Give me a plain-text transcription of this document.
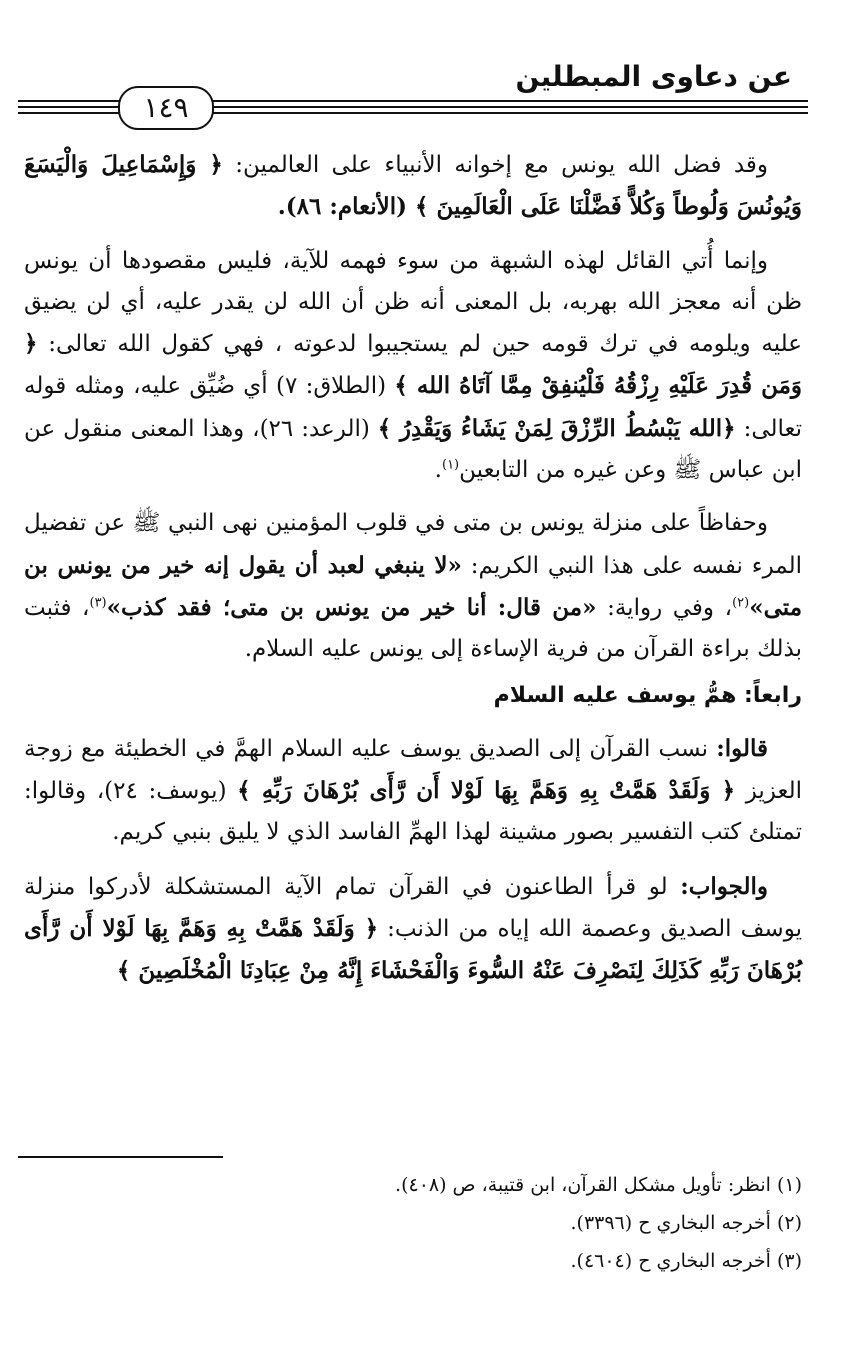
عن دعاوى المبطلين
١٤٩

وقد فضل الله يونس مع إخوانه الأنبياء على العالمين: ﴿ وَإِسْمَاعِيلَ وَالْيَسَعَ وَيُونُسَ وَلُوطاً وَكُلاًّ فَضَّلْنَا عَلَى الْعَالَمِينَ ﴾ (الأنعام: ٨٦).

وإنما أُتي القائل لهذه الشبهة من سوء فهمه للآية، فليس مقصودها أن يونس ظن أنه معجز الله بهربه، بل المعنى أنه ظن أن الله لن يقدر عليه، أي لن يضيق عليه ويلومه في ترك قومه حين لم يستجيبوا لدعوته ، فهي كقول الله تعالى: ﴿ وَمَن قُدِرَ عَلَيْهِ رِزْقُهُ فَلْيُنفِقْ مِمَّا آتَاهُ الله ﴾ (الطلاق: ٧) أي ضُيِّق عليه، ومثله قوله تعالى: ﴿الله يَبْسُطُ الرِّزْقَ لِمَنْ يَشَاءُ وَيَقْدِرُ ﴾ (الرعد: ٢٦)، وهذا المعنى منقول عن ابن عباس ﷺ وعن غيره من التابعين$^{(١)}$.

وحفاظاً على منزلة يونس بن متى في قلوب المؤمنين نهى النبي ﷺ عن تفضيل المرء نفسه على هذا النبي الكريم: «لا ينبغي لعبد أن يقول إنه خير من يونس بن متى»$^{(٢)}$، وفي رواية: «من قال: أنا خير من يونس بن متى؛ فقد كذب»$^{(٣)}$، فثبت بذلك براءة القرآن من فرية الإساءة إلى يونس عليه السلام.

رابعاً: همُّ يوسف عليه السلام

قالوا: نسب القرآن إلى الصديق يوسف عليه السلام الهمَّ في الخطيئة مع زوجة العزيز ﴿ وَلَقَدْ هَمَّتْ بِهِ وَهَمَّ بِهَا لَوْلا أَن رَّأَى بُرْهَانَ رَبِّهِ ﴾ (يوسف: ٢٤)، وقالوا: تمتلئ كتب التفسير بصور مشينة لهذا الهمِّ الفاسد الذي لا يليق بنبي كريم.

والجواب: لو قرأ الطاعنون في القرآن تمام الآية المستشكلة لأدركوا منزلة يوسف الصديق وعصمة الله إياه من الذنب: ﴿ وَلَقَدْ هَمَّتْ بِهِ وَهَمَّ بِهَا لَوْلا أَن رَّأَى بُرْهَانَ رَبِّهِ كَذَلِكَ لِنَصْرِفَ عَنْهُ السُّوءَ وَالْفَحْشَاءَ إِنَّهُ مِنْ عِبَادِنَا الْمُخْلَصِينَ ﴾

(١) انظر: تأويل مشكل القرآن، ابن قتيبة، ص (٤٠٨).

(٢) أخرجه البخاري ح (٣٣٩٦).

(٣) أخرجه البخاري ح (٤٦٠٤).
